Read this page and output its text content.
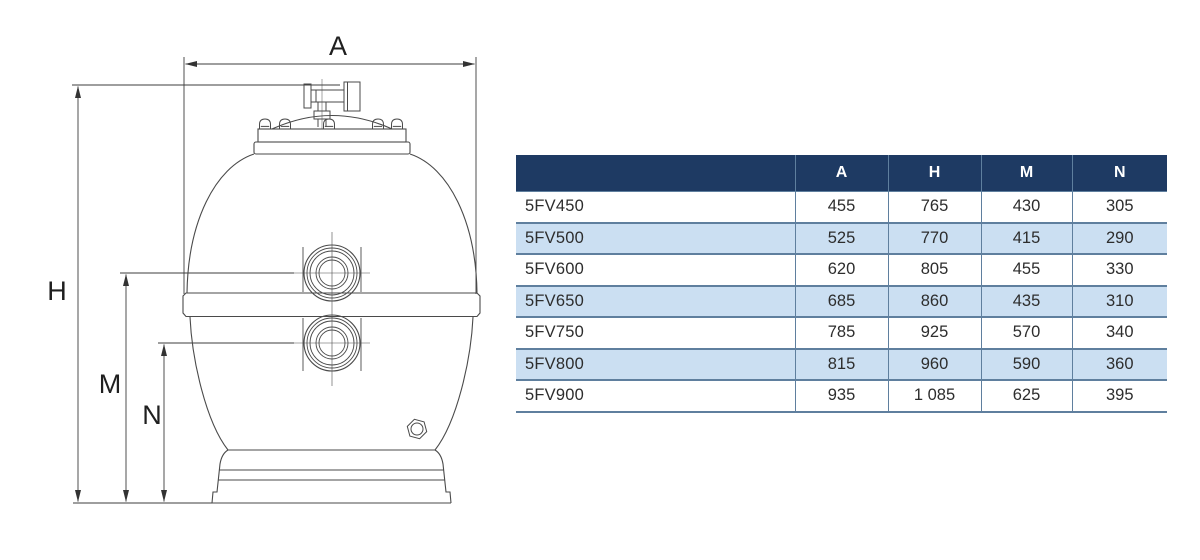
A
H
M
N
	A	H	M	N
5FV450	455	765	430	305
5FV500	525	770	415	290
5FV600	620	805	455	330
5FV650	685	860	435	310
5FV750	785	925	570	340
5FV800	815	960	590	360
5FV900	935	1 085	625	395
